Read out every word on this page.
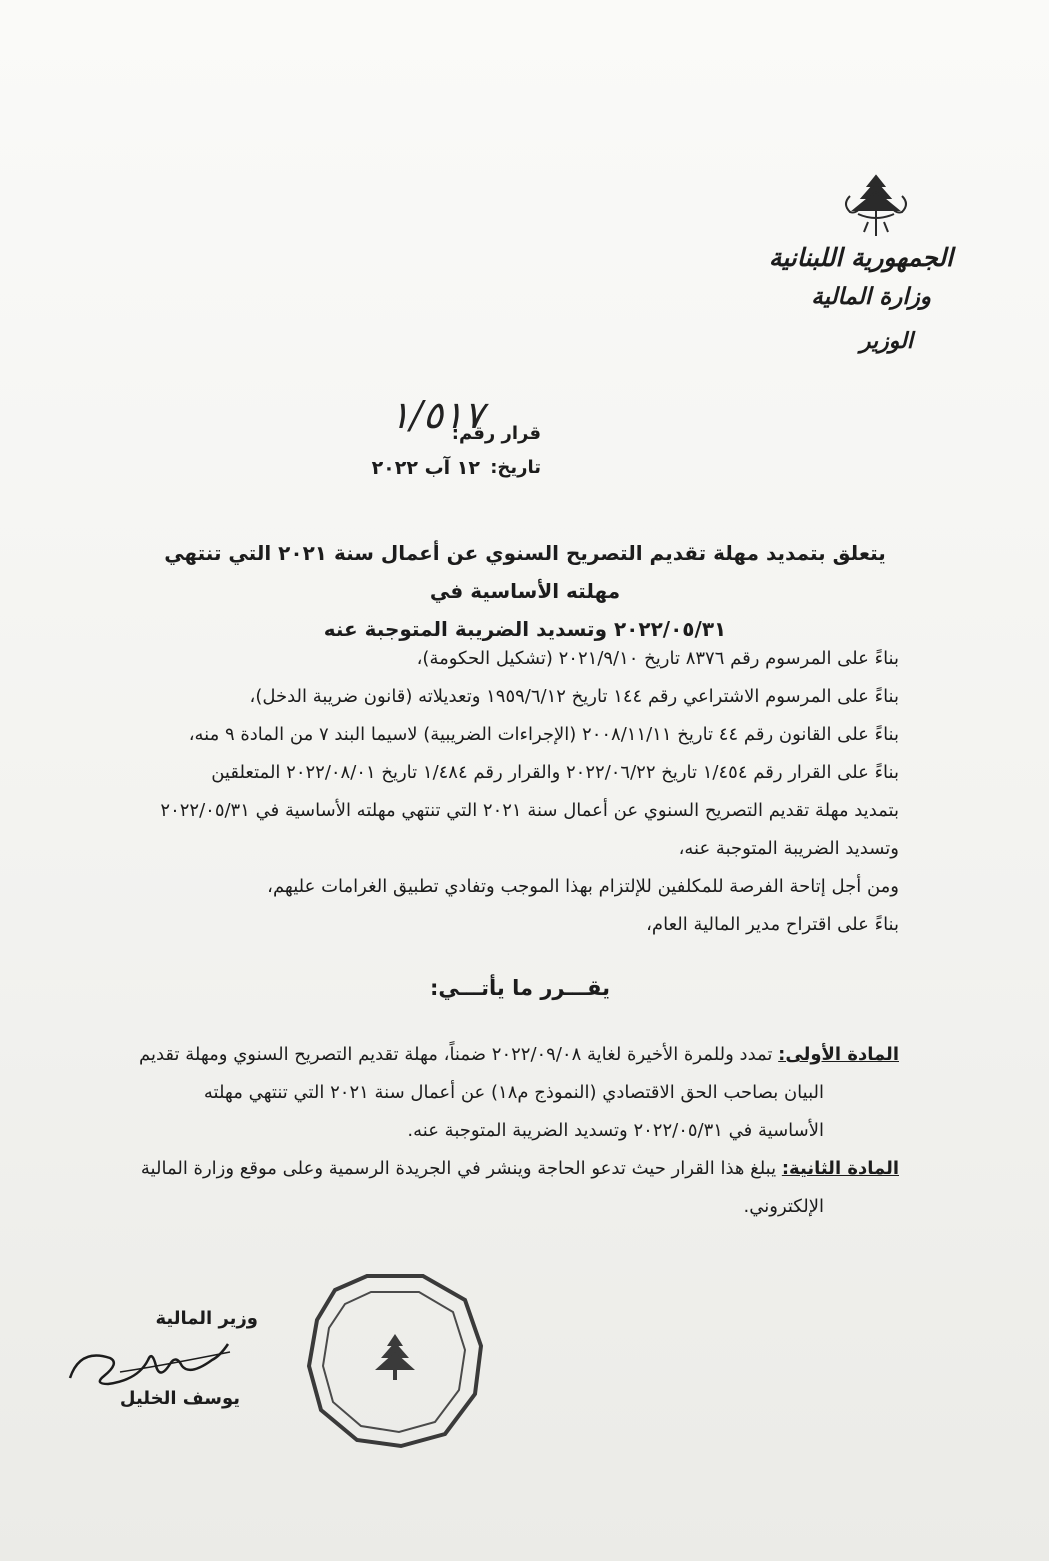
الجمهورية اللبنانية
وزارة المالية
الوزير
قرار رقم:
١/٥١٧
تاريخ:
١٢ آب ٢٠٢٢
يتعلق بتمديد مهلة تقديم التصريح السنوي عن أعمال سنة ٢٠٢١ التي تنتهي مهلته الأساسية في
٢٠٢٢/٠٥/٣١ وتسديد الضريبة المتوجبة عنه
بناءً على المرسوم رقم ٨٣٧٦ تاريخ ٢٠٢١/٩/١٠ (تشكيل الحكومة)،
بناءً على المرسوم الاشتراعي رقم ١٤٤ تاريخ ١٩٥٩/٦/١٢ وتعديلاته (قانون ضريبة الدخل)،
بناءً على القانون رقم ٤٤ تاريخ ٢٠٠٨/١١/١١ (الإجراءات الضريبية) لاسيما البند ٧ من المادة ٩ منه،
بناءً على القرار رقم ١/٤٥٤ تاريخ ٢٠٢٢/٠٦/٢٢ والقرار رقم ١/٤٨٤ تاريخ ٢٠٢٢/٠٨/٠١ المتعلقين
بتمديد مهلة تقديم التصريح السنوي عن أعمال سنة ٢٠٢١ التي تنتهي مهلته الأساسية في ٢٠٢٢/٠٥/٣١
وتسديد الضريبة المتوجبة عنه،
ومن أجل إتاحة الفرصة للمكلفين للإلتزام بهذا الموجب وتفادي تطبيق الغرامات عليهم،
بناءً على اقتراح مدير المالية العام،
يقـــرر ما يأتـــي:
المادة الأولى: تمدد وللمرة الأخيرة لغاية ٢٠٢٢/٠٩/٠٨ ضمناً، مهلة تقديم التصريح السنوي ومهلة تقديم
البيان بصاحب الحق الاقتصادي (النموذج م١٨) عن أعمال سنة ٢٠٢١ التي تنتهي مهلته
الأساسية في ٢٠٢٢/٠٥/٣١ وتسديد الضريبة المتوجبة عنه.
المادة الثانية: يبلغ هذا القرار حيث تدعو الحاجة وينشر في الجريدة الرسمية وعلى موقع وزارة المالية
الإلكتروني.
وزير المالية
يوسف الخليل
